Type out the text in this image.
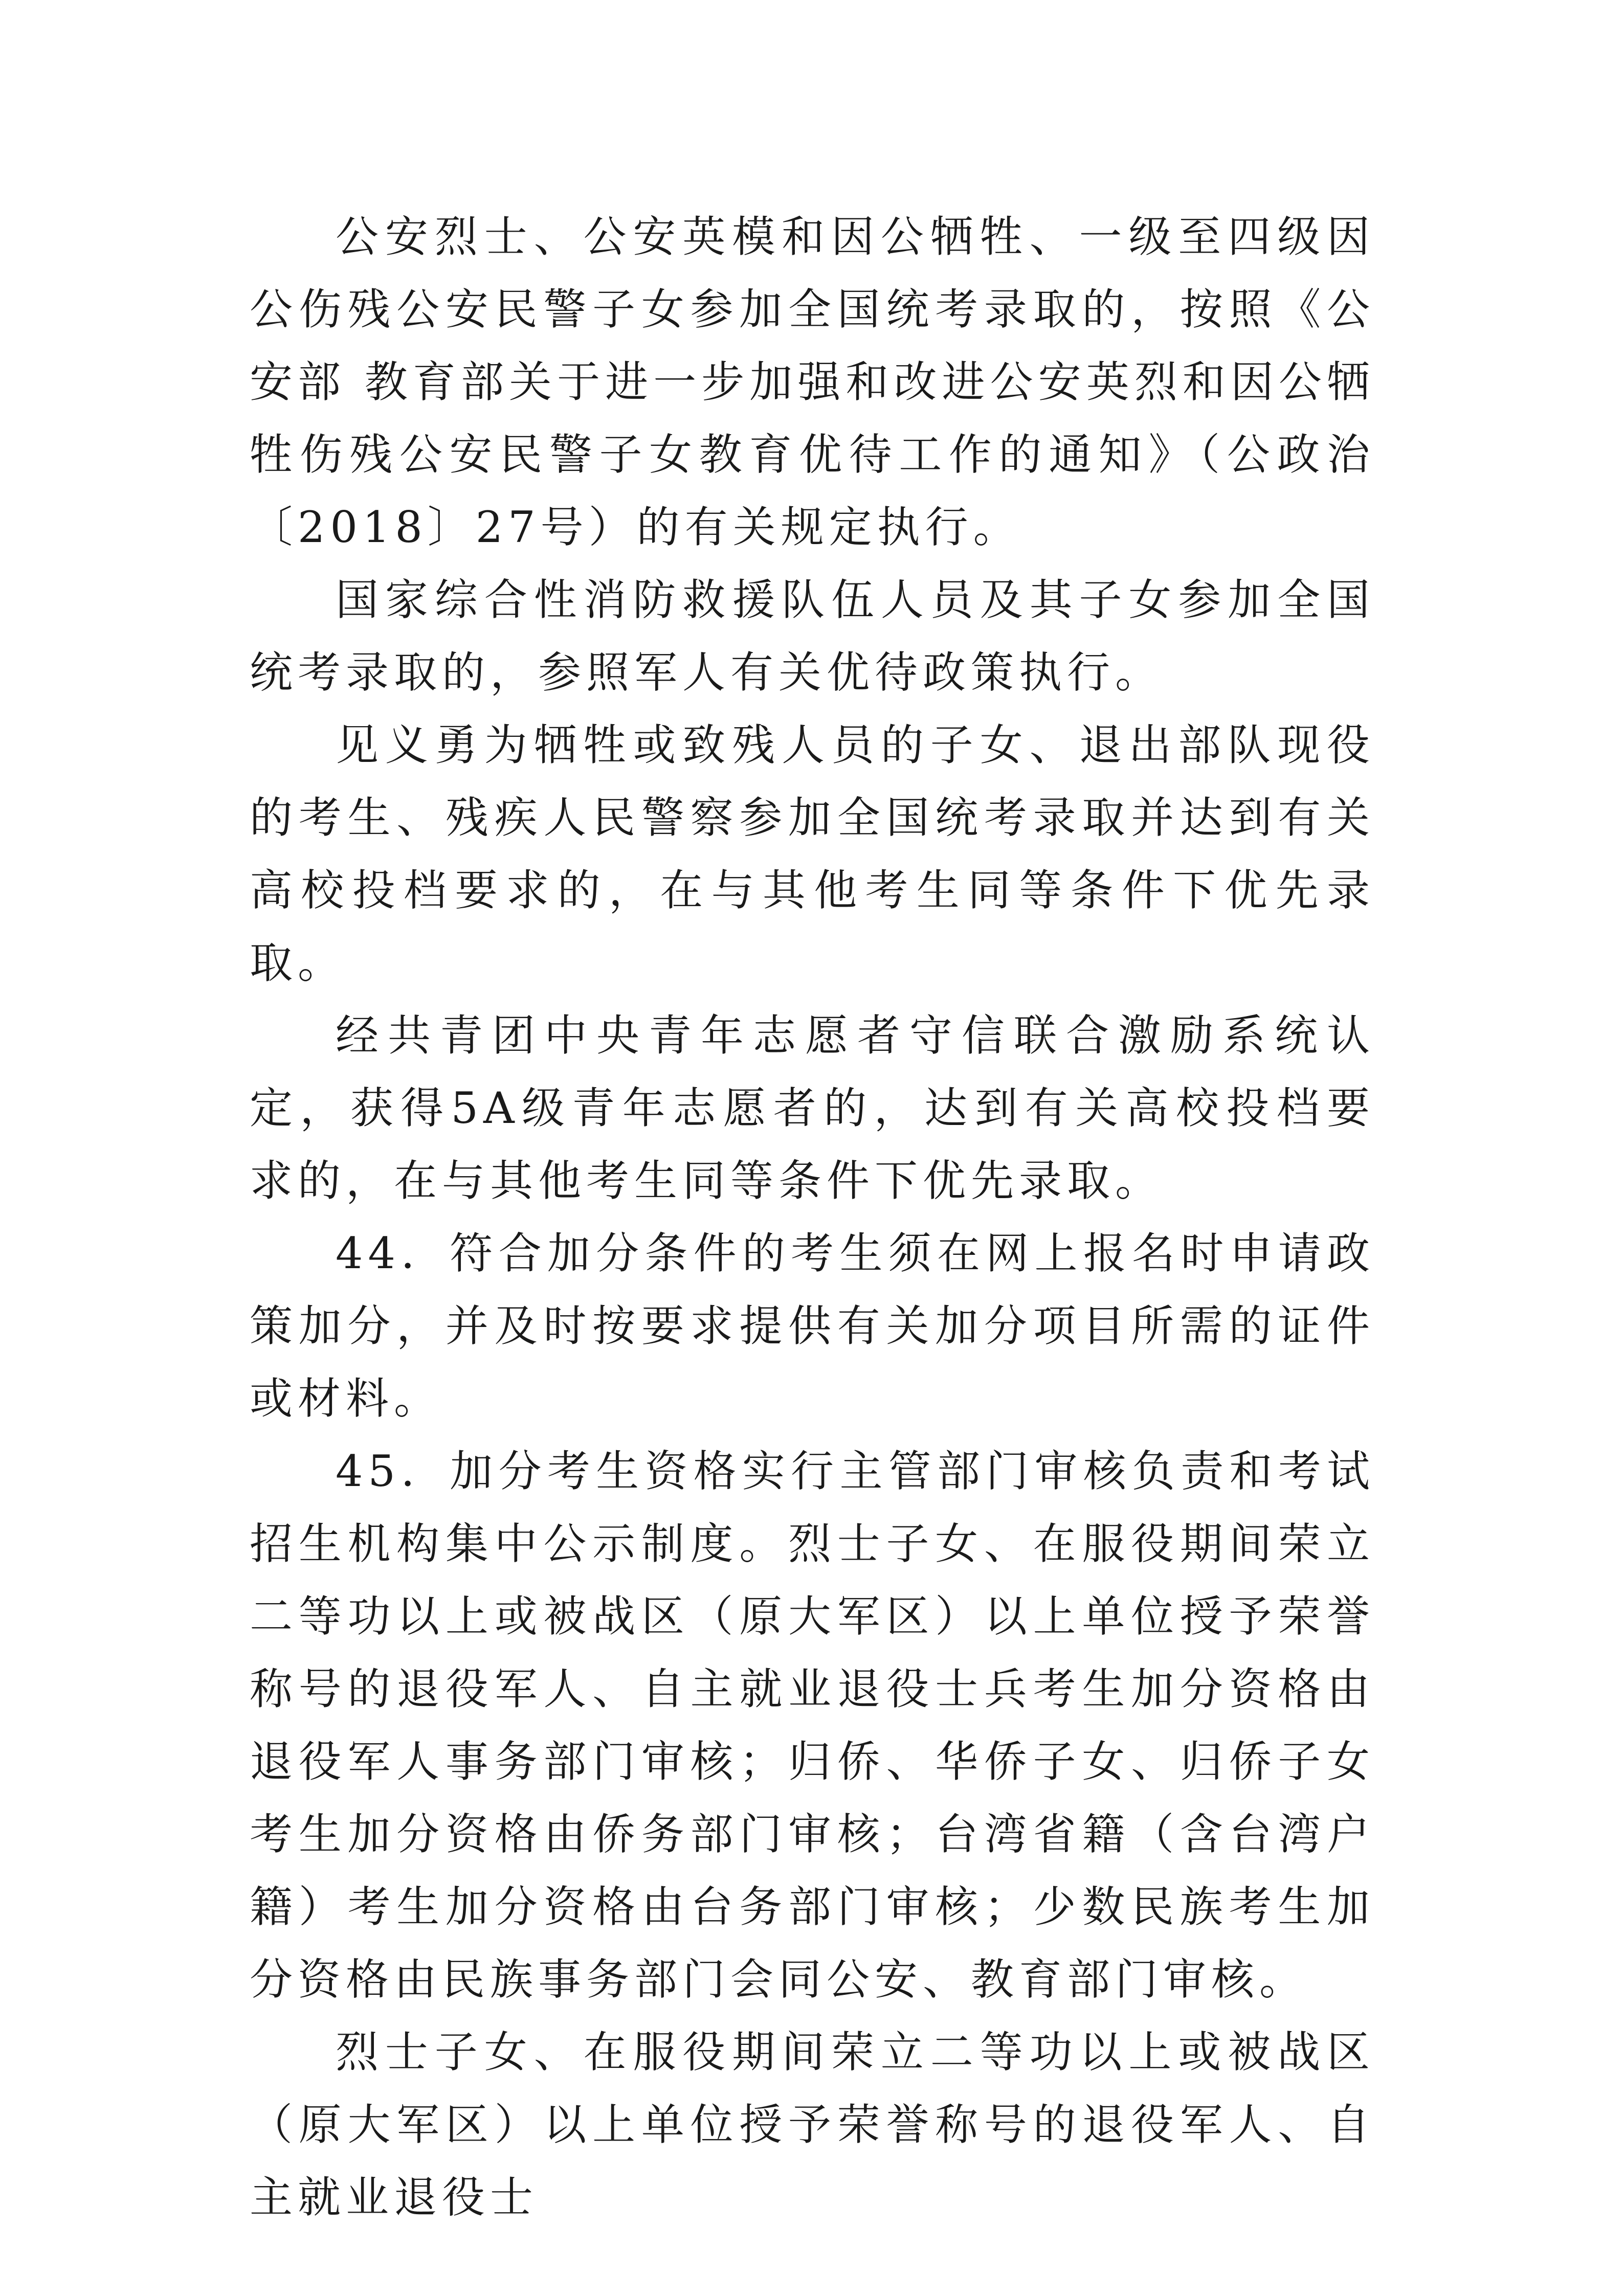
公安烈士、公安英模和因公牺牲、一级至四级因公伤残公安民警子女参加全国统考录取的，按照《公安部 教育部关于进一步加强和改进公安英烈和因公牺牲伤残公安民警子女教育优待工作的通知》（公政治〔2018〕27号）的有关规定执行。

国家综合性消防救援队伍人员及其子女参加全国统考录取的，参照军人有关优待政策执行。

见义勇为牺牲或致残人员的子女、退出部队现役的考生、残疾人民警察参加全国统考录取并达到有关高校投档要求的，在与其他考生同等条件下优先录取。

经共青团中央青年志愿者守信联合激励系统认定，获得5A级青年志愿者的，达到有关高校投档要求的，在与其他考生同等条件下优先录取。

44．符合加分条件的考生须在网上报名时申请政策加分，并及时按要求提供有关加分项目所需的证件或材料。

45．加分考生资格实行主管部门审核负责和考试招生机构集中公示制度。烈士子女、在服役期间荣立二等功以上或被战区（原大军区）以上单位授予荣誉称号的退役军人、自主就业退役士兵考生加分资格由退役军人事务部门审核；归侨、华侨子女、归侨子女考生加分资格由侨务部门审核；台湾省籍（含台湾户籍）考生加分资格由台务部门审核；少数民族考生加分资格由民族事务部门会同公安、教育部门审核。

烈士子女、在服役期间荣立二等功以上或被战区（原大军区）以上单位授予荣誉称号的退役军人、自主就业退役士
